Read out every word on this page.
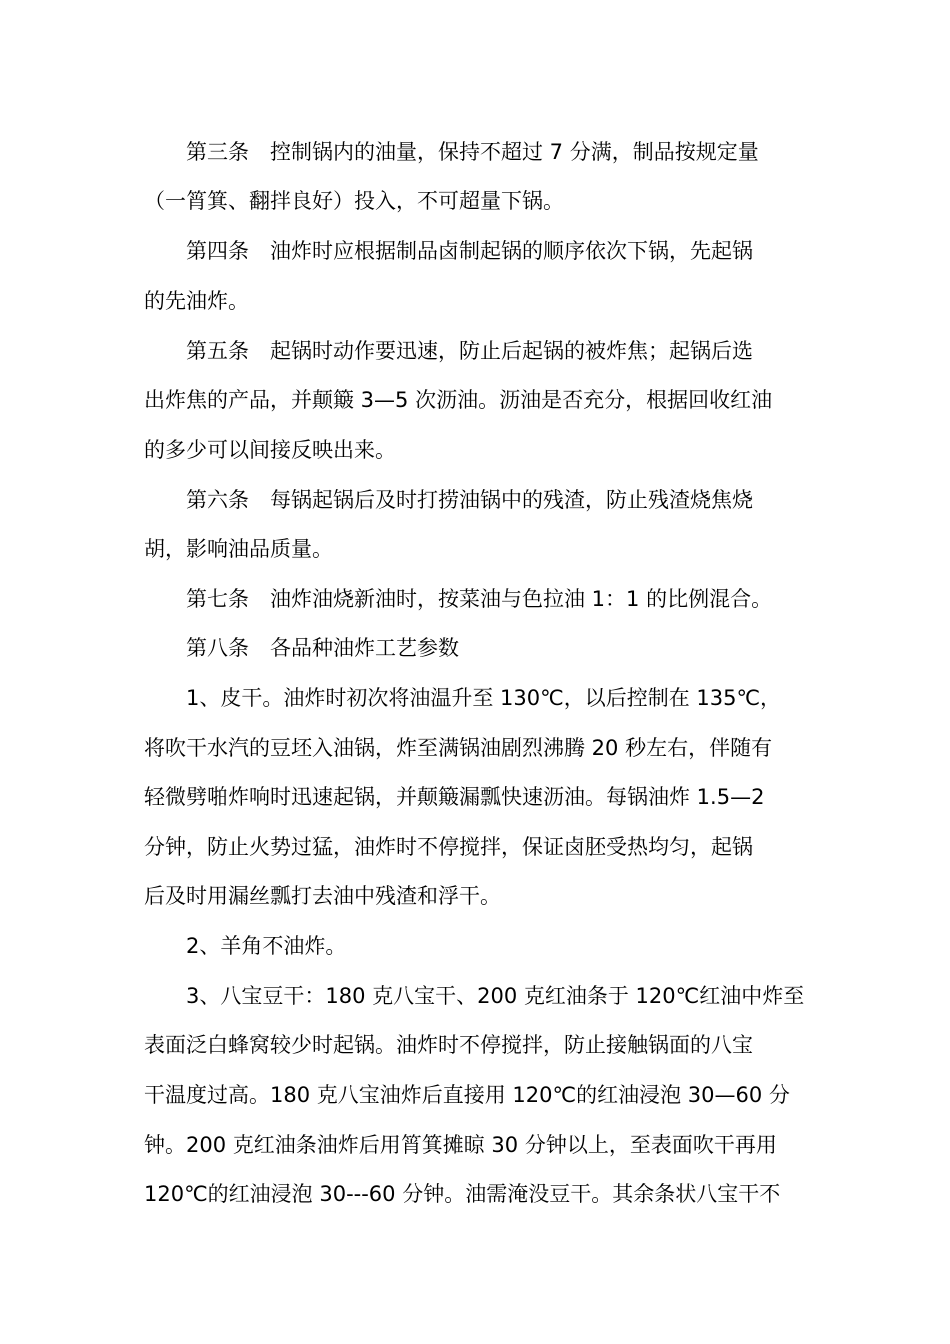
第三条　控制锅内的油量，保持不超过 7 分满，制品按规定量
（一筲箕、翻拌良好）投入，不可超量下锅。
第四条　油炸时应根据制品卤制起锅的顺序依次下锅，先起锅
的先油炸。
第五条　起锅时动作要迅速，防止后起锅的被炸焦；起锅后选
出炸焦的产品，并颠簸 3—5 次沥油。沥油是否充分，根据回收红油
的多少可以间接反映出来。
第六条　每锅起锅后及时打捞油锅中的残渣，防止残渣烧焦烧
胡，影响油品质量。
第七条　油炸油烧新油时，按菜油与色拉油 1：1 的比例混合。
第八条　各品种油炸工艺参数
1、皮干。油炸时初次将油温升至 130℃，以后控制在 135℃，
将吹干水汽的豆坯入油锅，炸至满锅油剧烈沸腾 20 秒左右，伴随有
轻微劈啪炸响时迅速起锅，并颠簸漏瓢快速沥油。每锅油炸 1.5—2
分钟，防止火势过猛，油炸时不停搅拌，保证卤胚受热均匀，起锅
后及时用漏丝瓢打去油中残渣和浮干。
2、羊角不油炸。
3、八宝豆干：180 克八宝干、200 克红油条于 120℃红油中炸至
表面泛白蜂窝较少时起锅。油炸时不停搅拌，防止接触锅面的八宝
干温度过高。180 克八宝油炸后直接用 120℃的红油浸泡 30—60 分
钟。200 克红油条油炸后用筲箕摊晾 30 分钟以上，至表面吹干再用
120℃的红油浸泡 30---60 分钟。油需淹没豆干。其余条状八宝干不
